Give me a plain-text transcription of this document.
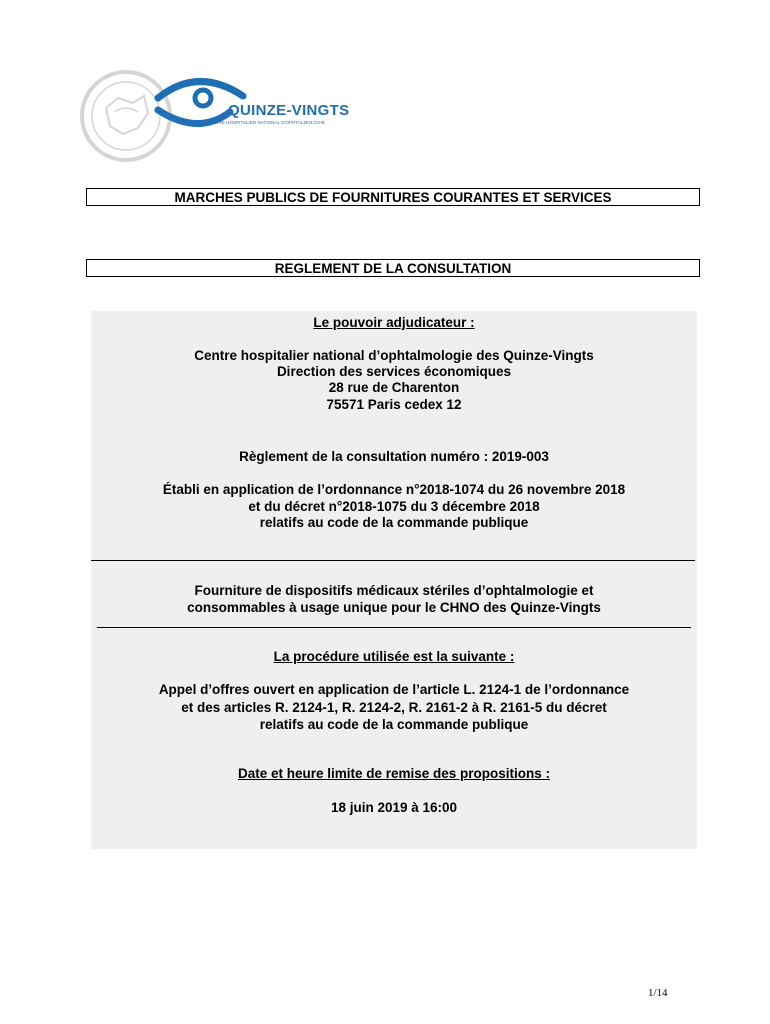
QUINZE-VINGTS
CENTRE HOSPITALIER NATIONAL D'OPHTALMOLOGIE
MARCHES PUBLICS DE FOURNITURES COURANTES ET SERVICES
REGLEMENT DE LA CONSULTATION
Le pouvoir adjudicateur :
Centre hospitalier national d’ophtalmologie des Quinze-Vingts
Direction des services économiques
28 rue de Charenton
75571 Paris cedex 12
Règlement de la consultation numéro : 2019-003
Établi en application de l’ordonnance n°2018-1074 du 26 novembre 2018
et du décret n°2018-1075 du 3 décembre 2018
relatifs au code de la commande publique
Fourniture de dispositifs médicaux stériles d’ophtalmologie et
consommables à usage unique pour le CHNO des Quinze-Vingts
La procédure utilisée est la suivante :
Appel d’offres ouvert en application de l’article L. 2124-1 de l’ordonnance
et des articles R. 2124-1, R. 2124-2, R. 2161-2 à R. 2161-5 du décret
relatifs au code de la commande publique
Date et heure limite de remise des propositions :
18 juin 2019 à 16:00
1/14
